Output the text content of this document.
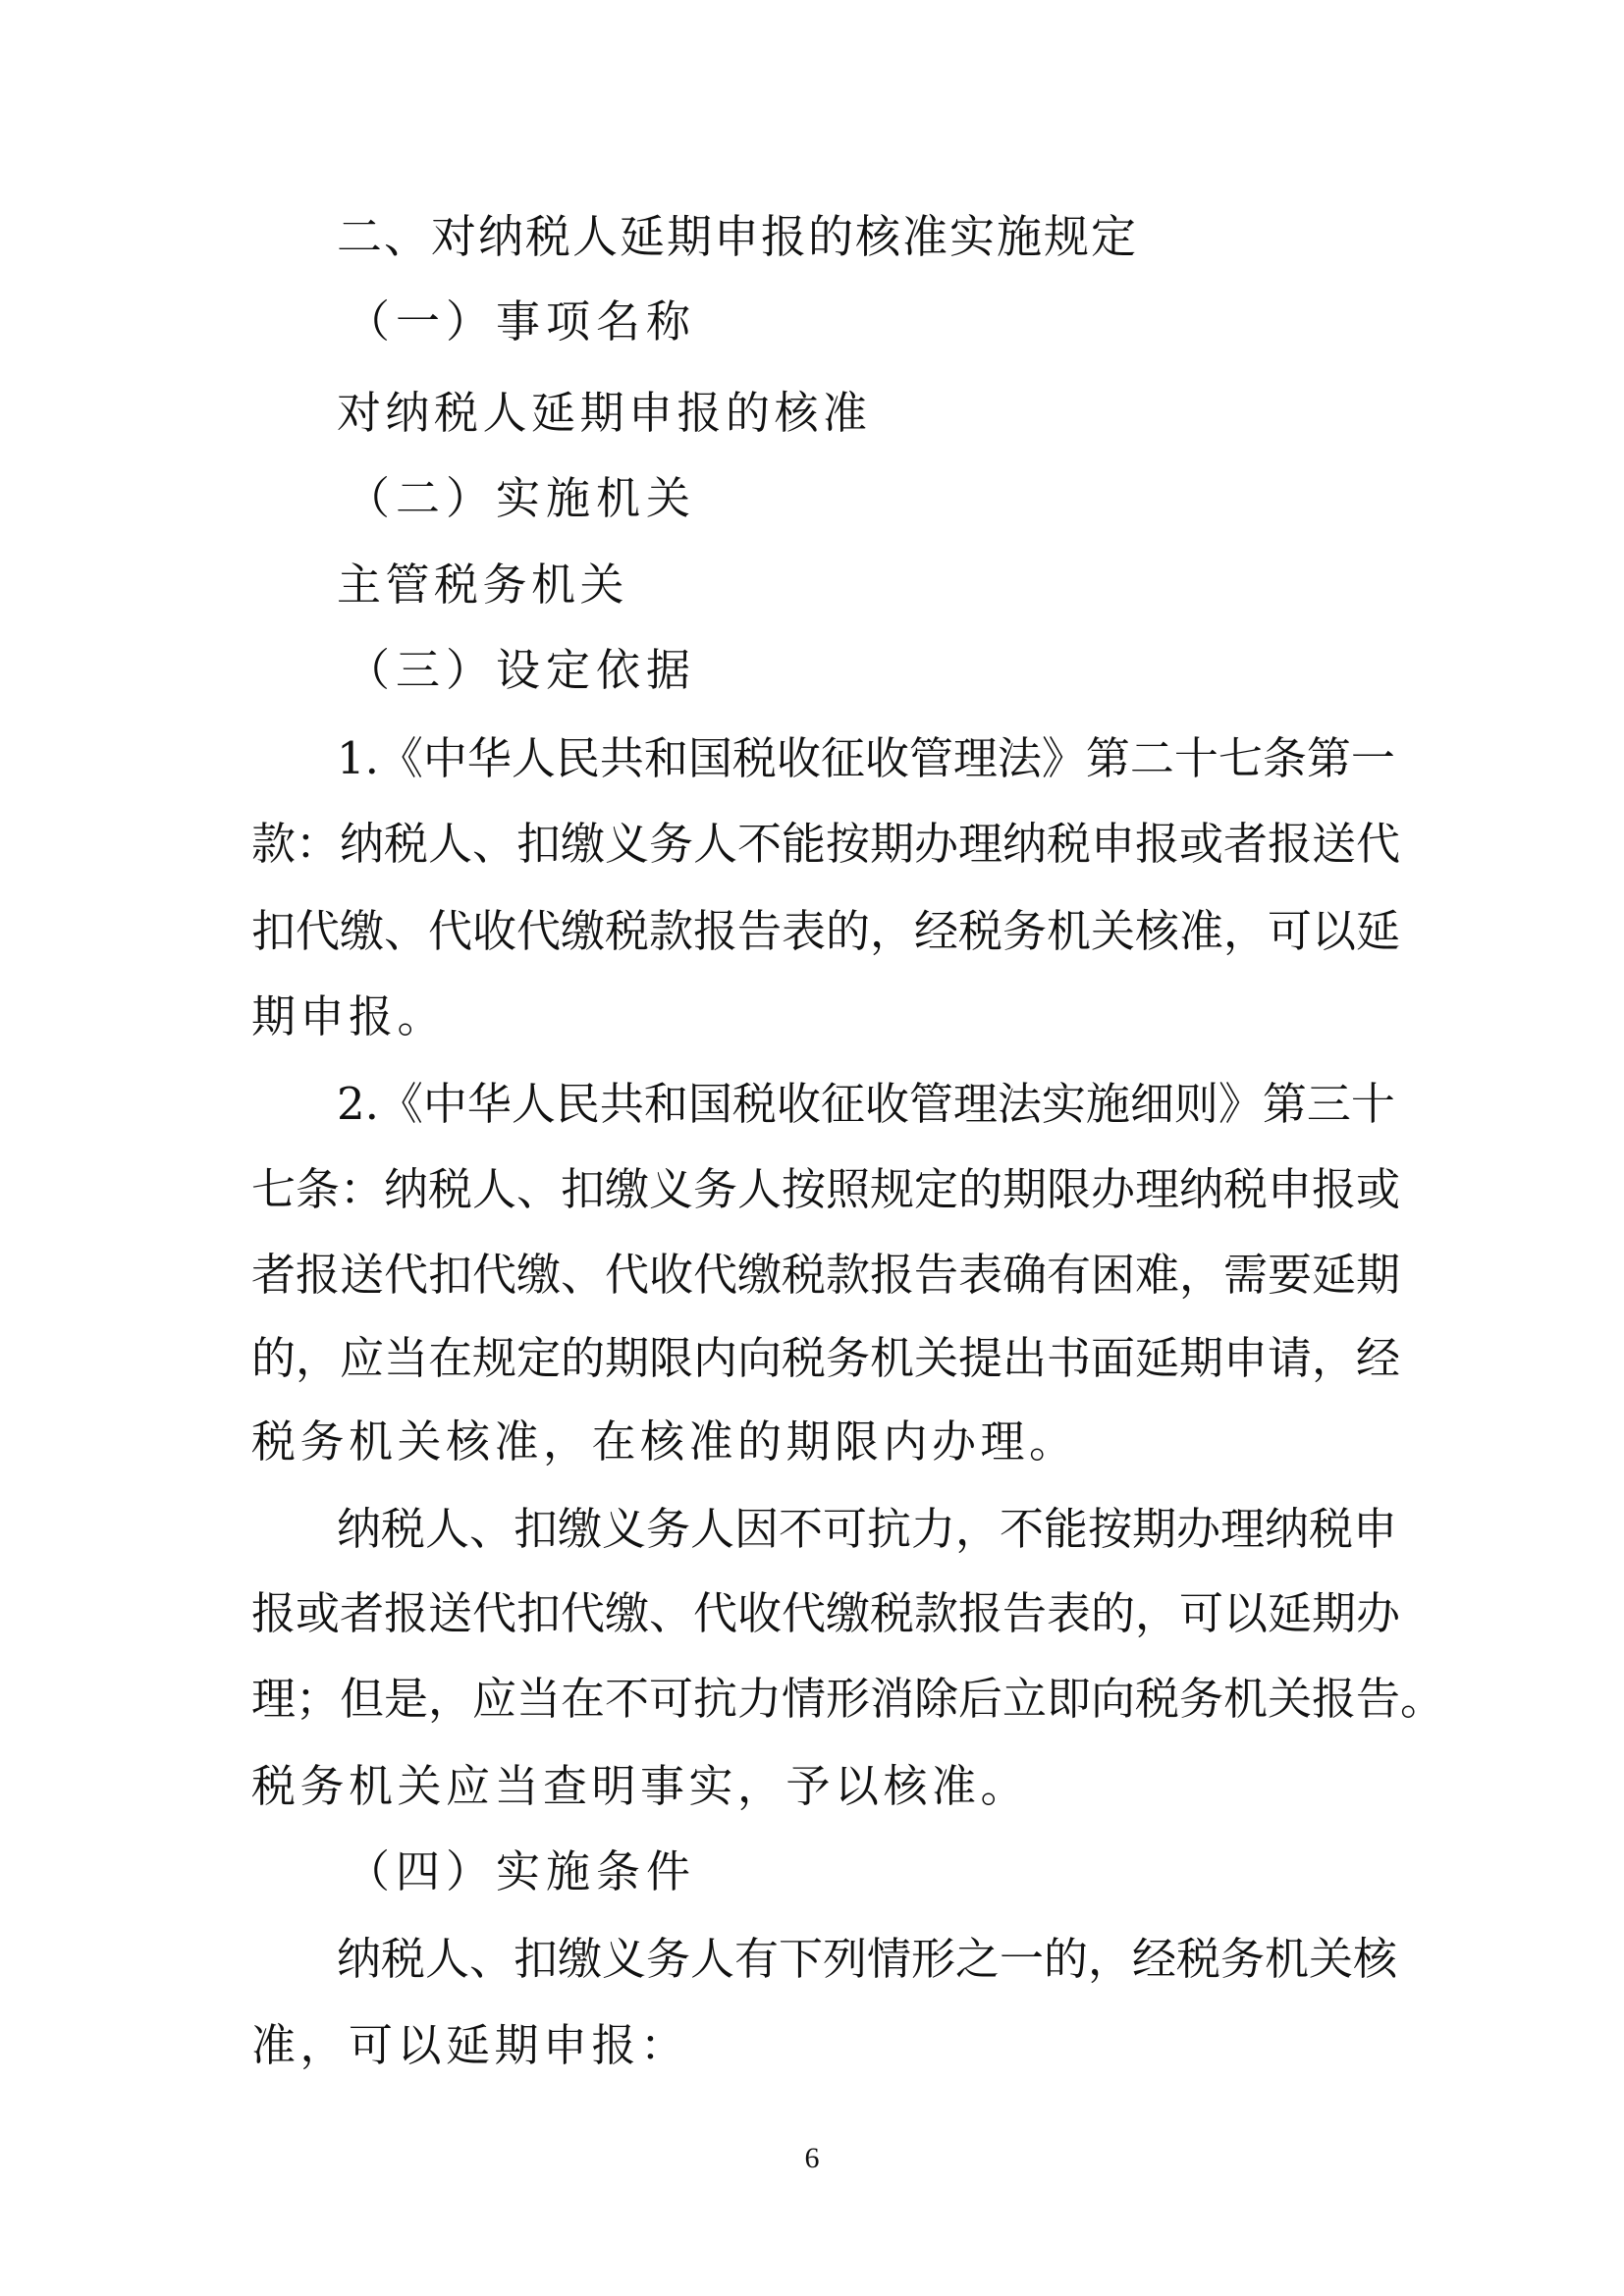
二、对纳税人延期申报的核准实施规定
（一）事项名称
对纳税人延期申报的核准
（二）实施机关
主管税务机关
（三）设定依据
1.《中华人民共和国税收征收管理法》第二十七条第一
款：纳税人、扣缴义务人不能按期办理纳税申报或者报送代
扣代缴、代收代缴税款报告表的，经税务机关核准，可以延
期申报。
2.《中华人民共和国税收征收管理法实施细则》第三十
七条：纳税人、扣缴义务人按照规定的期限办理纳税申报或
者报送代扣代缴、代收代缴税款报告表确有困难，需要延期
的，应当在规定的期限内向税务机关提出书面延期申请，经
税务机关核准，在核准的期限内办理。
纳税人、扣缴义务人因不可抗力，不能按期办理纳税申
报或者报送代扣代缴、代收代缴税款报告表的，可以延期办
理；但是，应当在不可抗力情形消除后立即向税务机关报告。
税务机关应当查明事实，予以核准。
（四）实施条件
纳税人、扣缴义务人有下列情形之一的，经税务机关核
准，可以延期申报：
6
